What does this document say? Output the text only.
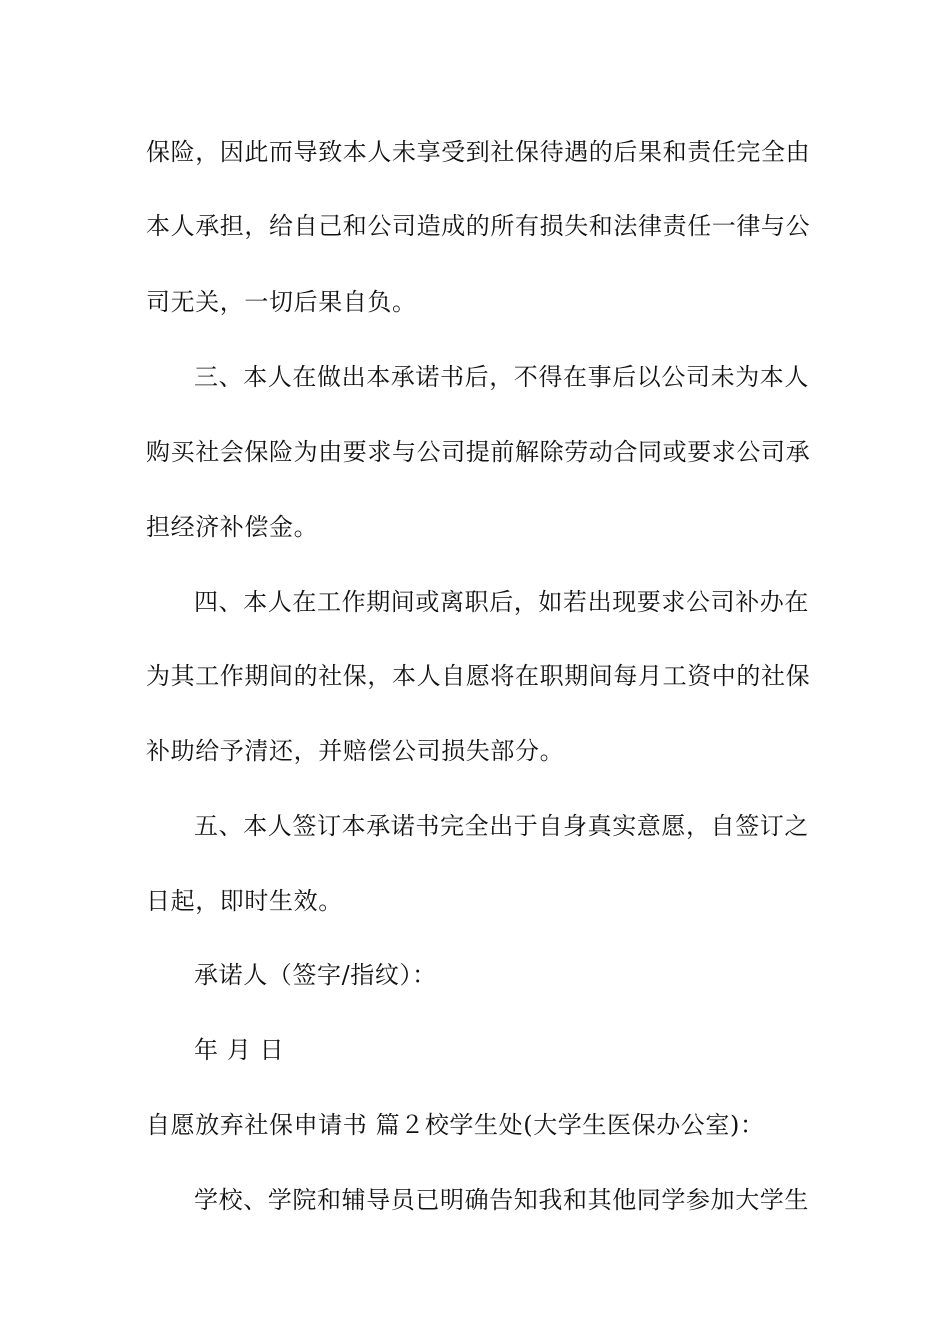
保险，因此而导致本人未享受到社保待遇的后果和责任完全由
本人承担，给自己和公司造成的所有损失和法律责任一律与公
司无关，一切后果自负。
三、本人在做出本承诺书后，不得在事后以公司未为本人
购买社会保险为由要求与公司提前解除劳动合同或要求公司承
担经济补偿金。
四、本人在工作期间或离职后，如若出现要求公司补办在
为其工作期间的社保，本人自愿将在职期间每月工资中的社保
补助给予清还，并赔偿公司损失部分。
五、本人签订本承诺书完全出于自身真实意愿，自签订之
日起，即时生效。
承诺人（签字/指纹）：
年 月 日
自愿放弃社保申请书 篇２校学生处(大学生医保办公室)：
学校、学院和辅导员已明确告知我和其他同学参加大学生
